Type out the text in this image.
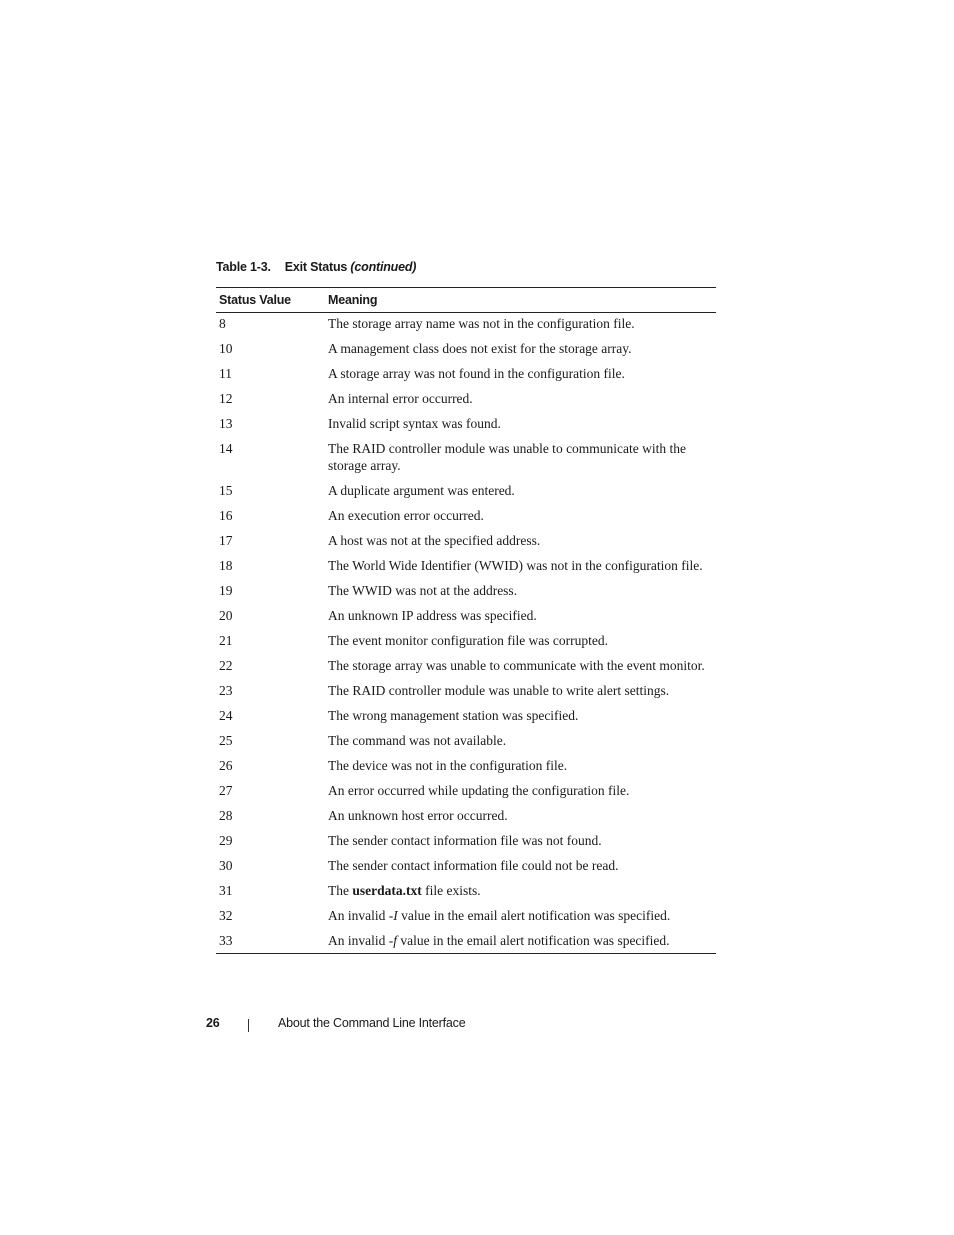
Table 1-3. Exit Status (continued)
Status Value	Meaning
8	The storage array name was not in the configuration file.
10	A management class does not exist for the storage array.
11	A storage array was not found in the configuration file.
12	An internal error occurred.
13	Invalid script syntax was found.
14	The RAID controller module was unable to communicate with the storage array.
15	A duplicate argument was entered.
16	An execution error occurred.
17	A host was not at the specified address.
18	The World Wide Identifier (WWID) was not in the configuration file.
19	The WWID was not at the address.
20	An unknown IP address was specified.
21	The event monitor configuration file was corrupted.
22	The storage array was unable to communicate with the event monitor.
23	The RAID controller module was unable to write alert settings.
24	The wrong management station was specified.
25	The command was not available.
26	The device was not in the configuration file.
27	An error occurred while updating the configuration file.
28	An unknown host error occurred.
29	The sender contact information file was not found.
30	The sender contact information file could not be read.
31	The userdata.txt file exists.
32	An invalid -I value in the email alert notification was specified.
33	An invalid -f value in the email alert notification was specified.
26	About the Command Line Interface
